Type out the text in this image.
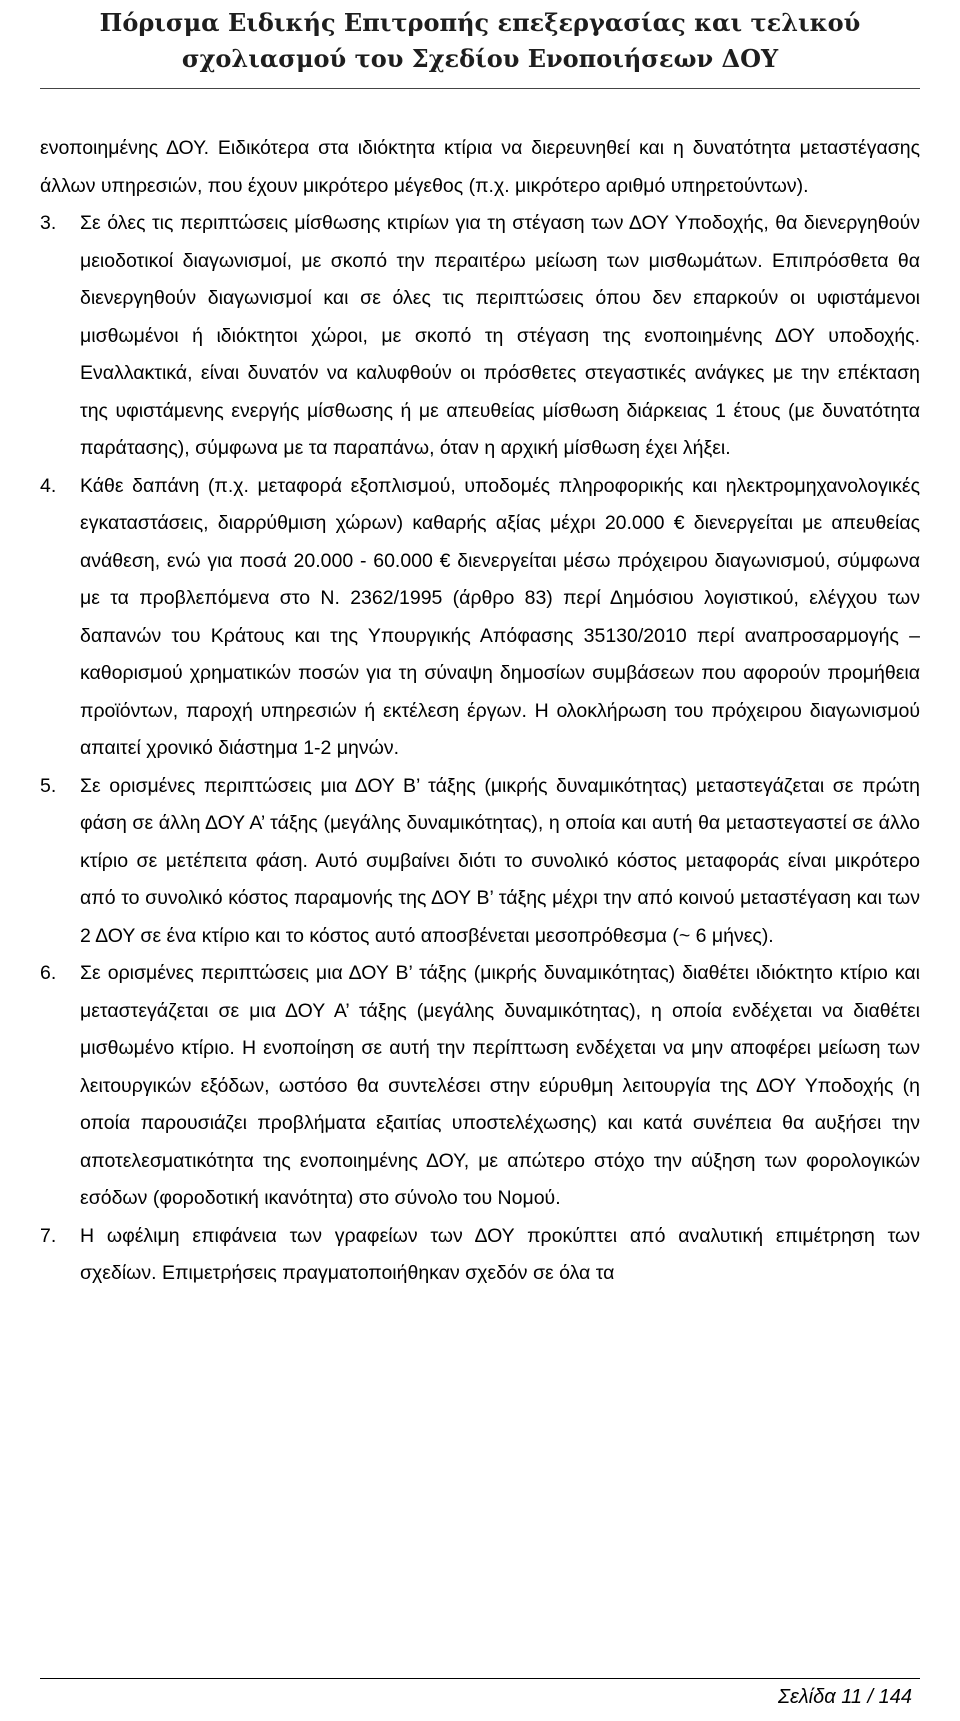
Πόρισμα Ειδικής Επιτροπής επεξεργασίας και τελικού
σχολιασμού του Σχεδίου Ενοποιήσεων ΔΟΥ

ενοποιημένης ΔΟΥ. Ειδικότερα στα ιδιόκτητα κτίρια να διερευνηθεί και η δυνατότητα μεταστέγασης άλλων υπηρεσιών, που έχουν μικρότερο μέγεθος (π.χ. μικρότερο αριθμό υπηρετούντων).

3.	Σε όλες τις περιπτώσεις μίσθωσης κτιρίων για τη στέγαση των ΔΟΥ Υποδοχής, θα διενεργηθούν μειοδοτικοί διαγωνισμοί, με σκοπό την περαιτέρω μείωση των μισθωμάτων. Επιπρόσθετα θα διενεργηθούν διαγωνισμοί και σε όλες τις περιπτώσεις όπου δεν επαρκούν οι υφιστάμενοι μισθωμένοι ή ιδιόκτητοι χώροι, με σκοπό τη στέγαση της ενοποιημένης ΔΟΥ υποδοχής. Εναλλακτικά, είναι δυνατόν να καλυφθούν οι πρόσθετες στεγαστικές ανάγκες με την επέκταση της υφιστάμενης ενεργής μίσθωσης ή με απευθείας μίσθωση διάρκειας 1 έτους (με δυνατότητα παράτασης), σύμφωνα με τα παραπάνω, όταν η αρχική μίσθωση έχει λήξει.
4.	Κάθε δαπάνη (π.χ. μεταφορά εξοπλισμού, υποδομές πληροφορικής και ηλεκτρομηχανολογικές εγκαταστάσεις, διαρρύθμιση χώρων) καθαρής αξίας μέχρι 20.000 € διενεργείται με απευθείας ανάθεση, ενώ για ποσά 20.000 - 60.000 € διενεργείται μέσω πρόχειρου διαγωνισμού, σύμφωνα με τα προβλεπόμενα στο Ν. 2362/1995 (άρθρο 83) περί Δημόσιου λογιστικού, ελέγχου των δαπανών του Κράτους και της Υπουργικής Απόφασης 35130/2010 περί αναπροσαρμογής – καθορισμού χρηματικών ποσών για τη σύναψη δημοσίων συμβάσεων που αφορούν προμήθεια προϊόντων, παροχή υπηρεσιών ή εκτέλεση έργων. Η ολοκλήρωση του πρόχειρου διαγωνισμού απαιτεί χρονικό διάστημα 1-2 μηνών.
5.	Σε ορισμένες περιπτώσεις μια ΔΟΥ Β’ τάξης (μικρής δυναμικότητας) μεταστεγάζεται σε πρώτη φάση σε άλλη ΔΟΥ Α’ τάξης (μεγάλης δυναμικότητας), η οποία και αυτή θα μεταστεγαστεί σε άλλο κτίριο σε μετέπειτα φάση. Αυτό συμβαίνει διότι το συνολικό κόστος μεταφοράς είναι μικρότερο από το συνολικό κόστος παραμονής της ΔΟΥ Β’ τάξης μέχρι την από κοινού μεταστέγαση και των 2 ΔΟΥ σε ένα κτίριο και το κόστος αυτό αποσβένεται μεσοπρόθεσμα (~ 6 μήνες).
6.	Σε ορισμένες περιπτώσεις μια ΔΟΥ Β’ τάξης (μικρής δυναμικότητας) διαθέτει ιδιόκτητο κτίριο και μεταστεγάζεται σε μια ΔΟΥ Α’ τάξης (μεγάλης δυναμικότητας), η οποία ενδέχεται να διαθέτει μισθωμένο κτίριο. Η ενοποίηση σε αυτή την περίπτωση ενδέχεται να μην αποφέρει μείωση των λειτουργικών εξόδων, ωστόσο θα συντελέσει στην εύρυθμη λειτουργία της ΔΟΥ Υποδοχής (η οποία παρουσιάζει προβλήματα εξαιτίας υποστελέχωσης) και κατά συνέπεια θα αυξήσει την αποτελεσματικότητα της ενοποιημένης ΔΟΥ, με απώτερο στόχο την αύξηση των φορολογικών εσόδων (φοροδοτική ικανότητα) στο σύνολο του Νομού.
7.	Η ωφέλιμη επιφάνεια των γραφείων των ΔΟΥ προκύπτει από αναλυτική επιμέτρηση των σχεδίων. Επιμετρήσεις πραγματοποιήθηκαν σχεδόν σε όλα τα
Σελίδα 11 / 144
